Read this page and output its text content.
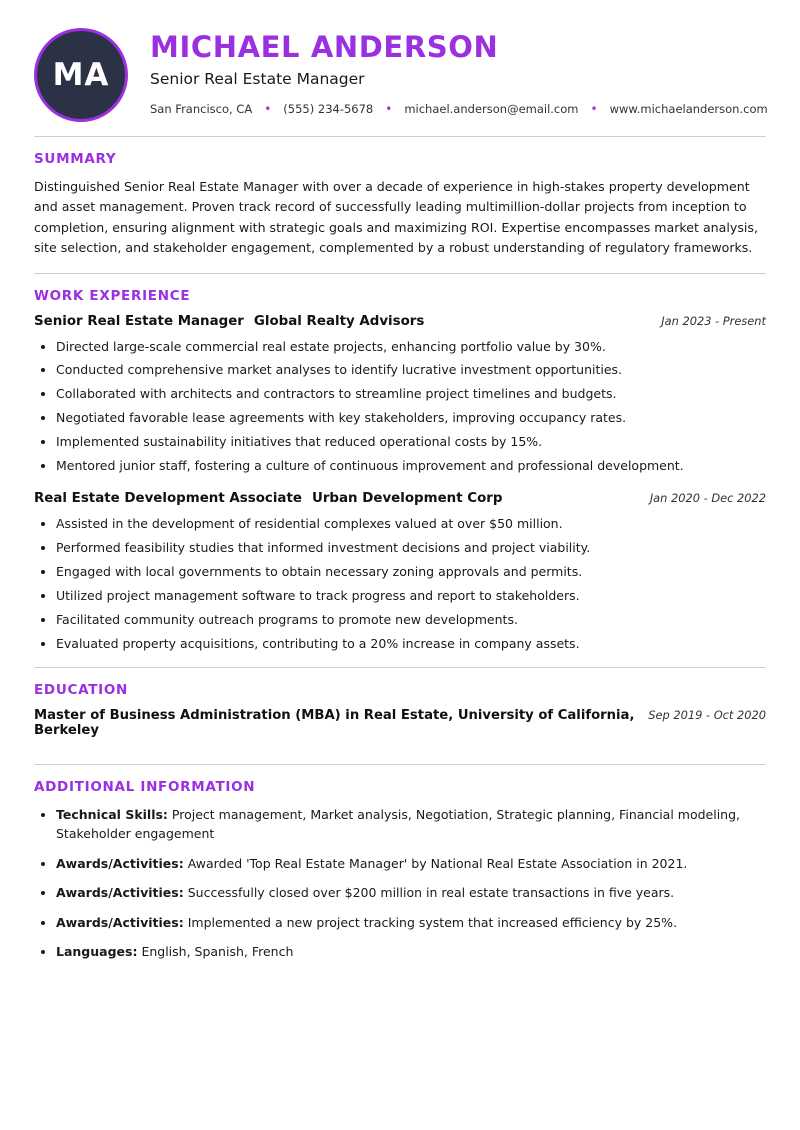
MA
MICHAEL ANDERSON
Senior Real Estate Manager
San Francisco, CA	•	(555) 234-5678	•	michael.anderson@email.com	•	www.michaelanderson.com
SUMMARY

Distinguished Senior Real Estate Manager with over a decade of experience in high-stakes property development and asset management. Proven track record of successfully leading multimillion-dollar projects from inception to completion, ensuring alignment with strategic goals and maximizing ROI. Expertise encompasses market analysis, site selection, and stakeholder engagement, complemented by a robust understanding of regulatory frameworks.

WORK EXPERIENCE
Senior Real Estate Manager Global Realty Advisors	Jan 2023 - Present
• Directed large-scale commercial real estate projects, enhancing portfolio value by 30%.
• Conducted comprehensive market analyses to identify lucrative investment opportunities.
• Collaborated with architects and contractors to streamline project timelines and budgets.
• Negotiated favorable lease agreements with key stakeholders, improving occupancy rates.
• Implemented sustainability initiatives that reduced operational costs by 15%.
• Mentored junior staff, fostering a culture of continuous improvement and professional development.
Real Estate Development Associate Urban Development Corp	Jan 2020 - Dec 2022
• Assisted in the development of residential complexes valued at over $50 million.
• Performed feasibility studies that informed investment decisions and project viability.
• Engaged with local governments to obtain necessary zoning approvals and permits.
• Utilized project management software to track progress and report to stakeholders.
• Facilitated community outreach programs to promote new developments.
• Evaluated property acquisitions, contributing to a 20% increase in company assets.
EDUCATION
Master of Business Administration (MBA) in Real Estate, University of California, Berkeley
Sep 2019 - Oct 2020
ADDITIONAL INFORMATION
• Technical Skills: Project management, Market analysis, Negotiation, Strategic planning, Financial modeling, Stakeholder engagement
• Awards/Activities: Awarded 'Top Real Estate Manager' by National Real Estate Association in 2021.
• Awards/Activities: Successfully closed over $200 million in real estate transactions in five years.
• Awards/Activities: Implemented a new project tracking system that increased efficiency by 25%.
• Languages: English, Spanish, French
